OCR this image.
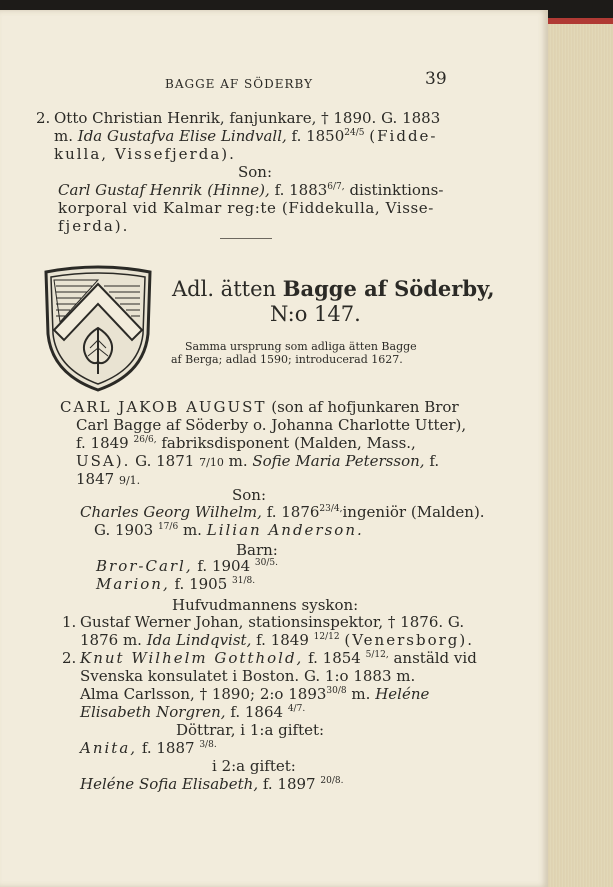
BAGGE AF SÖDERBY	39
2. Otto Christian Henrik, fanjunkare, † 1890. G. 1883
m. Ida Gustafva Elise Lindvall, f. $1850^{24/5}$ (Fidde-
kulla, Vissefjerda).
Son:
Carl Gustaf Henrik (Hinne), f. $1883^{6/7,}$ distinktions-
korporal vid Kalmar reg:te (Fiddekulla, Visse-
fjerda).
Adl. ätten Bagge af Söderby,
N:o 147.
Samma ursprung som adliga ätten Bagge
af Berga; adlad 1590; introducerad 1627.
CARL JAKOB AUGUST (son af hofjunkaren Bror
Carl Bagge af Söderby o. Johanna Charlotte Utter),
f. 1849 $^{26/6,}$ fabriksdisponent (Malden, Mass.,
USA). G. 1871 7/10 m. Sofie Maria Petersson, f.
1847 9/1.
Son:
Charles Georg Wilhelm, f. $1876^{23/4,}ingeniör$ (Malden).
G. 1903 $^{17/6}$ m. Lilian Anderson.
Barn:
Bror-Carl, f. 1904 $^{30/5.}$
Marion, f. 1905 $^{31/8.}$
Hufvudmannens syskon:
1. Gustaf Werner Johan, stationsinspektor, † 1876. G.
1876 m. Ida Lindqvist, f. 1849 $^{12/12}$ (Venersborg).
2. Knut Wilhelm Gotthold, f. 1854 $^{5/12,}$ anstäld vid
Svenska konsulatet i Boston. G. 1:o 1883 m.
Alma Carlsson, † 1890; 2:o $1893^{30/8}$ m. Heléne
Elisabeth Norgren, f. 1864 $^{4/7.}$
Döttrar, i 1:a giftet:
Anita, f. 1887 $^{3/8.}$
i 2:a giftet:
Heléne Sofia Elisabeth, f. 1897 $^{20/8.}$
